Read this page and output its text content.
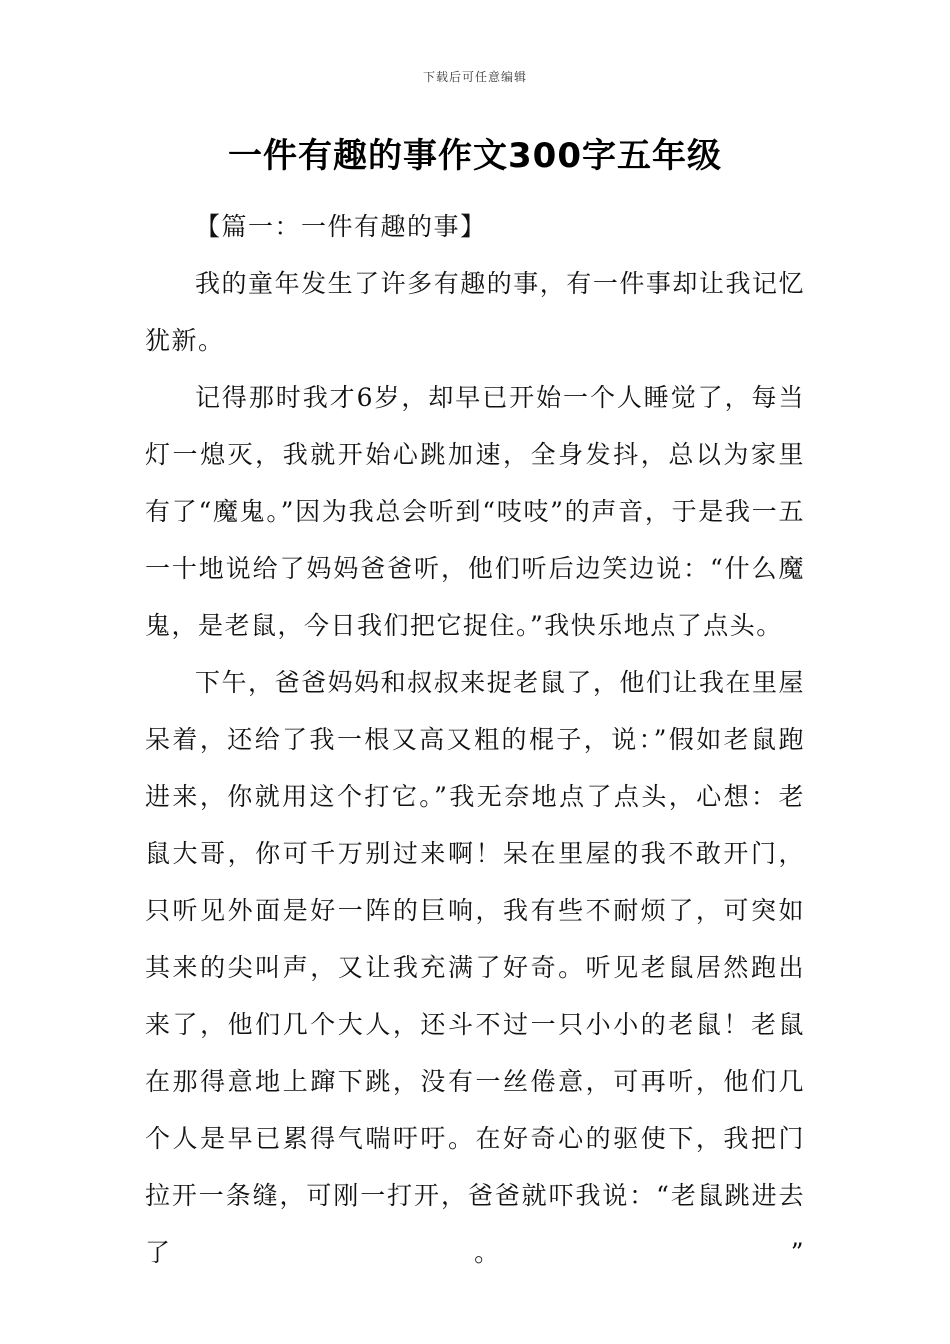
下载后可任意编辑
一件有趣的事作文300字五年级

【篇一：一件有趣的事】

我的童年发生了许多有趣的事，有一件事却让我记忆犹新。

记得那时我才6岁，却早已开始一个人睡觉了，每当灯一熄灭，我就开始心跳加速，全身发抖，总以为家里有了“魔鬼。”因为我总会听到“吱吱”的声音，于是我一五一十地说给了妈妈爸爸听，他们听后边笑边说：“什么魔鬼，是老鼠，今日我们把它捉住。”我快乐地点了点头。

下午，爸爸妈妈和叔叔来捉老鼠了，他们让我在里屋呆着，还给了我一根又高又粗的棍子，说：”假如老鼠跑进来，你就用这个打它。”我无奈地点了点头，心想：老鼠大哥，你可千万别过来啊！呆在里屋的我不敢开门，只听见外面是好一阵的巨响，我有些不耐烦了，可突如其来的尖叫声，又让我充满了好奇。听见老鼠居然跑出来了，他们几个大人，还斗不过一只小小的老鼠！老鼠在那得意地上蹿下跳，没有一丝倦意，可再听，他们几个人是早已累得气喘吁吁。在好奇心的驱使下，我把门拉开一条缝，可刚一打开，爸爸就吓我说：“老鼠跳进去了。”
